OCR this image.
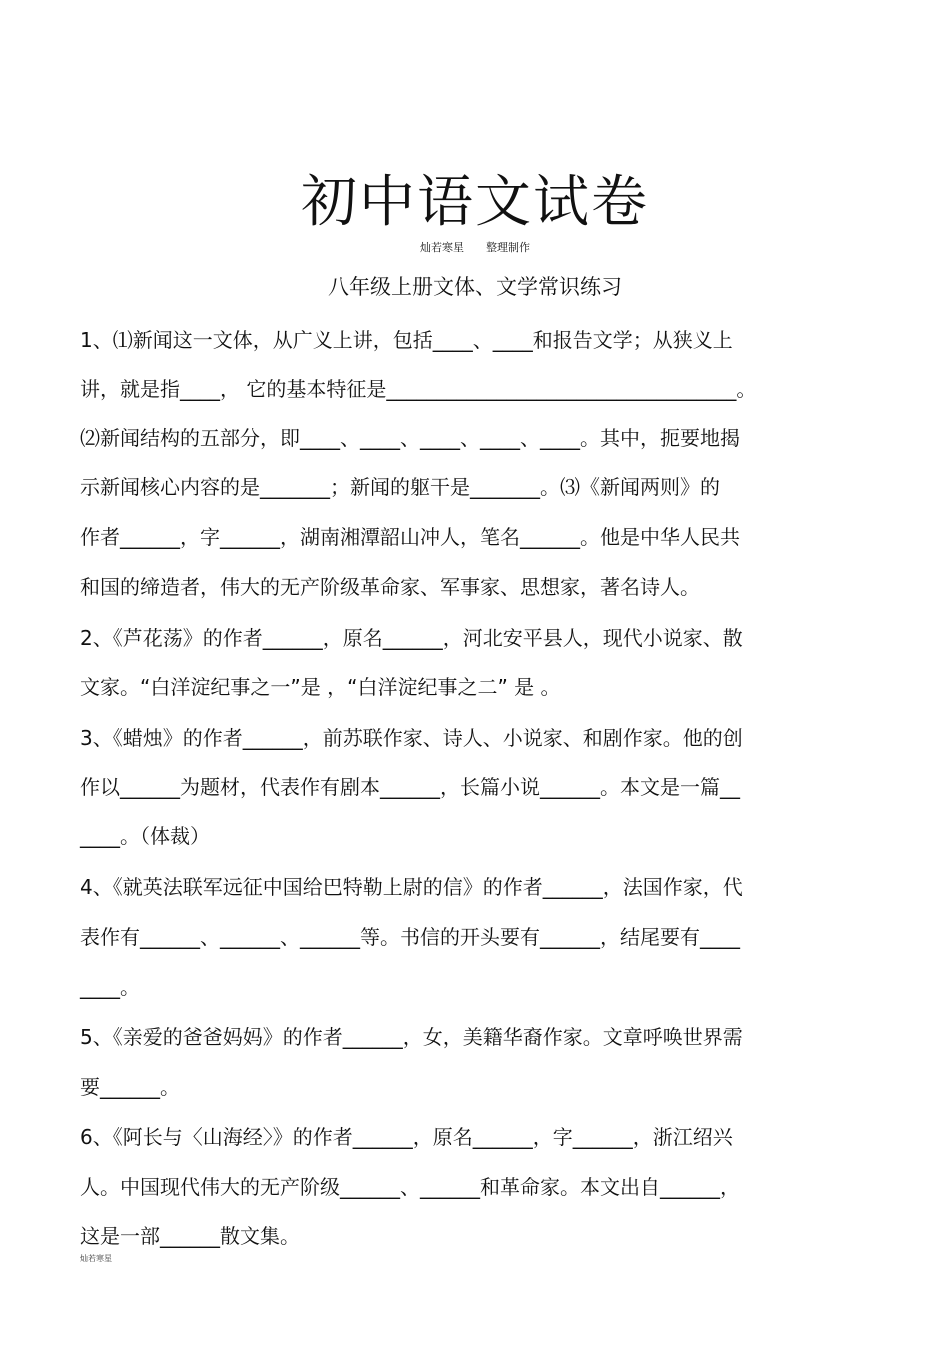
初中语文试卷
灿若寒星 整理制作
八年级上册文体、文学常识练习
1、⑴新闻这一文体，从广义上讲，包括____、____和报告文学；从狭义上
讲，就是指____， 它的基本特征是___________________________________。
⑵新闻结构的五部分，即____、____、____、____、____。其中，扼要地揭
示新闻核心内容的是_______；新闻的躯干是_______。⑶《新闻两则》的
作者______，字______，湖南湘潭韶山冲人，笔名______。他是中华人民共
和国的缔造者，伟大的无产阶级革命家、军事家、思想家，著名诗人。
2、《芦花荡》的作者______，原名______，河北安平县人，现代小说家、散
文家。“白洋淀纪事之一”是 ，“白洋淀纪事之二” 是 。
3、《蜡烛》的作者______，前苏联作家、诗人、小说家、和剧作家。他的创
作以______为题材，代表作有剧本______，长篇小说______。本文是一篇__
____。（体裁）
4、《就英法联军远征中国给巴特勒上尉的信》的作者______，法国作家，代
表作有______、______、______等。书信的开头要有______，结尾要有____
____。
5、《亲爱的爸爸妈妈》的作者______，女，美籍华裔作家。文章呼唤世界需
要______。
6、《阿长与〈山海经〉》的作者______，原名______，字______，浙江绍兴
人。中国现代伟大的无产阶级______、______和革命家。本文出自______，
这是一部______散文集。
灿若寒星
